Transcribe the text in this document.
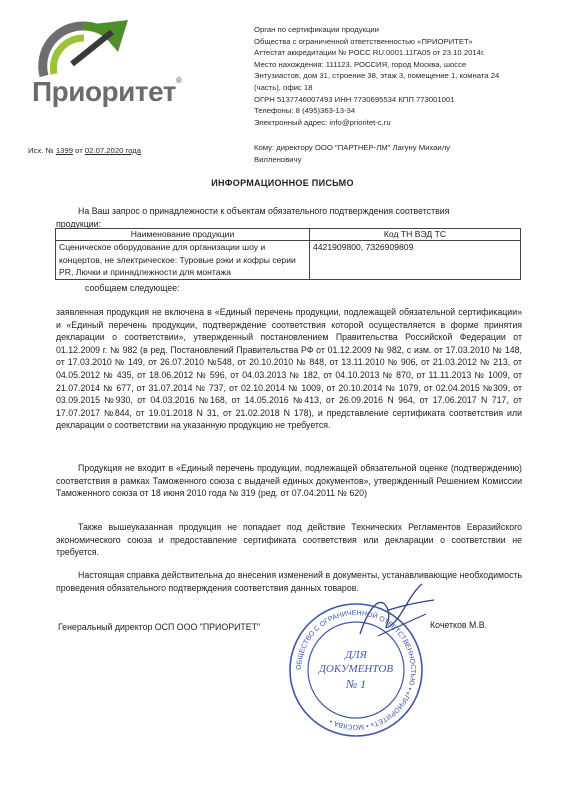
Приоритет®
Орган по сертификации продукции
Общества с ограниченной ответственностью «ПРИОРИТЕТ»
Аттестат аккредитации № РОСС RU.0001.11ГА05 от 23.10.2014г.
Место нахождения: 111123, РОССИЯ, город Москва, шоссе
Энтузиастов, дом 31, строение 38, этаж 3, помещение 1, комната 24
(часть), офис 18
ОГРН 5137746007493 ИНН 7730695534 КПП 773001001
Телефоны: 8 (495)363-13-34
Электронный адрес: info@prioritet-c.ru
Исх. № 1399 от 02.07.2020 года	Кому: директору ООО "ПАРТНЕР-ЛМ" Лагуну Михаилу
Вилленовичу
ИНФОРМАЦИОННОЕ ПИСЬМО
На Ваш запрос о принадлежности к объектам обязательного подтверждения соответствия
продукции:
Наименование продукции	Код ТН ВЭД ТС
Сценическое оборудование для организации шоу и концертов, не электрическое: Туровые рэки и кофры серии PR, Лючки и принадлежности для монтажа	4421909800, 7326909809
сообщаем следующее:
заявленная продукция не включена в «Единый перечень продукции, подлежащей обязательной сертификации» и «Единый перечень продукции, подтверждение соответствия которой осуществляется в форме принятия декларации о соответствии», утвержденный постановлением Правительства Российской Федерации от 01.12.2009 г. № 982 (в ред. Постановлений Правительства РФ от 01.12.2009 № 982, с изм. от 17.03.2010 № 148, от 17.03.2010 № 149, от 26.07.2010 №548, от 20.10.2010 № 848, от 13.11.2010 № 906, от 21.03.2012 № 213, от 04.05.2012 № 435, от 18.06.2012 № 596, от 04.03.2013 № 182, от 04.10.2013 № 870, от 11.11.2013 № 1009, от 21.07.2014 № 677, от 31.07.2014 № 737, от 02.10.2014 № 1009, от 20.10.2014 № 1079, от 02.04.2015 №309, от 03.09.2015 №930, от 04.03.2016 №168, от 14.05.2016 №413, от 26.09.2016 N 964, от 17.06.2017 N 717, от 17.07.2017 №844, от 19.01.2018 N 31, от 21.02.2018 N 178), и представление сертификата соответствия или декларации о соответствии на указанную продукцию не требуется.
Продукция не входит в «Единый перечень продукции, подлежащей обязательной оценке (подтверждению) соответствия в рамках Таможенного союза с выдачей единых документов», утвержденный Решением Комиссии Таможенного союза от 18 июня 2010 года № 319 (ред. от 07.04.2011 № 620)
Также вышеуказанная продукция не попадает под действие Технических Регламентов Евразийского экономического союза и предоставление сертификата соответствия или декларации о соответствии не требуется.
Настоящая справка действительна до внесения изменений в документы, устанавливающие необходимость проведения обязательного подтверждения соответствия данных товаров.
ОБЩЕСТВО С ОГРАНИЧЕННОЙ ОТВЕТСТВЕННОСТЬЮ • «ПРИОРИТЕТ» • МОСКВА •
ДЛЯ
ДОКУМЕНТОВ
№ 1
Генеральный директор ОСП ООО "ПРИОРИТЕТ"	Кочетков М.В.
